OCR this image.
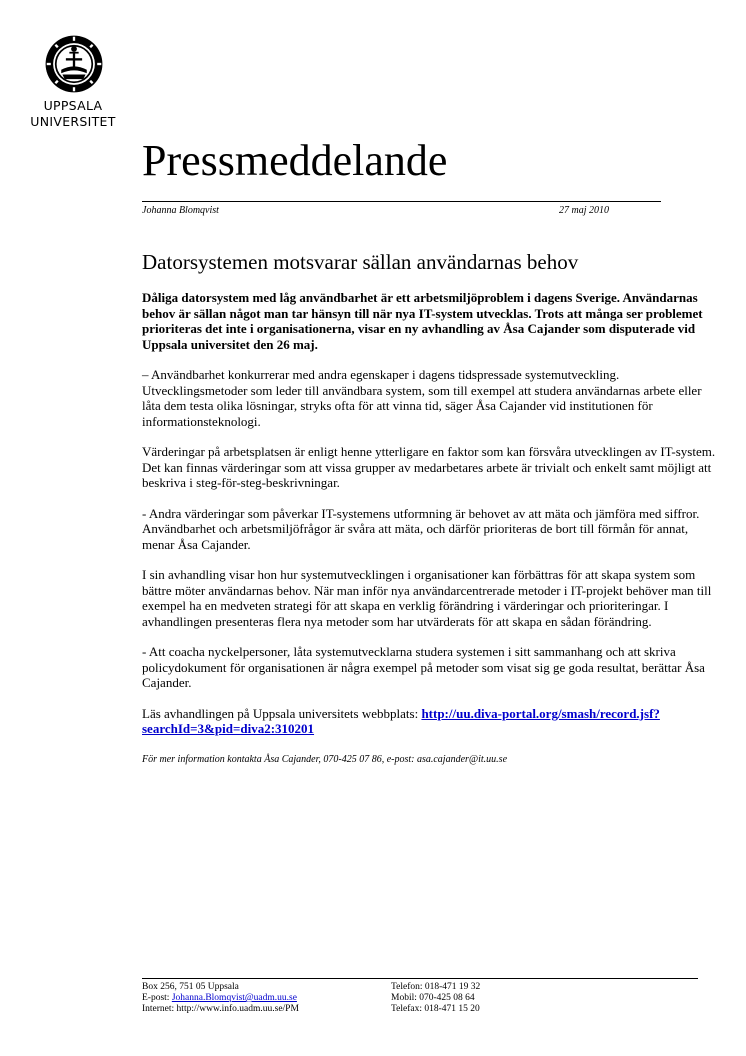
UPPSALA
UNIVERSITET
Pressmeddelande
Johanna Blomqvist	27 maj 2010
Datorsystemen motsvarar sällan användarnas behov

Dåliga datorsystem med låg användbarhet är ett arbetsmiljöproblem i dagens Sverige. Användarnas behov är sällan något man tar hänsyn till när nya IT-system utvecklas. Trots att många ser problemet prioriteras det inte i organisationerna, visar en ny avhandling av Åsa Cajander som disputerade vid Uppsala universitet den 26 maj.

– Användbarhet konkurrerar med andra egenskaper i dagens tidspressade systemutveckling. Utvecklingsmetoder som leder till användbara system, som till exempel att studera användarnas arbete eller låta dem testa olika lösningar, stryks ofta för att vinna tid, säger Åsa Cajander vid institutionen för informationsteknologi.

Värderingar på arbetsplatsen är enligt henne ytterligare en faktor som kan försvåra utvecklingen av IT-system. Det kan finnas värderingar som att vissa grupper av medarbetares arbete är trivialt och enkelt samt möjligt att beskriva i steg-för-steg-beskrivningar.

- Andra värderingar som påverkar IT-systemens utformning är behovet av att mäta och jämföra med siffror. Användbarhet och arbetsmiljöfrågor är svåra att mäta, och därför prioriteras de bort till förmån för annat, menar Åsa Cajander.

I sin avhandling visar hon hur systemutvecklingen i organisationer kan förbättras för att skapa system som bättre möter användarnas behov. När man inför nya användarcentrerade metoder i IT-projekt behöver man till exempel ha en medveten strategi för att skapa en verklig förändring i värderingar och prioriteringar. I avhandlingen presenteras flera nya metoder som har utvärderats för att skapa en sådan förändring.

- Att coacha nyckelpersoner, låta systemutvecklarna studera systemen i sitt sammanhang och att skriva policydokument för organisationen är några exempel på metoder som visat sig ge goda resultat, berättar Åsa Cajander.

Läs avhandlingen på Uppsala universitets webbplats: http://uu.diva-portal.org/smash/record.jsf?searchId=3&pid=diva2:310201

För mer information kontakta Åsa Cajander, 070-425 07 86, e-post: asa.cajander@it.uu.se

Box 256, 751 05 Uppsala
E-post: Johanna.Blomqvist@uadm.uu.se
Internet: http://www.info.uadm.uu.se/PM
Telefon: 018-471 19 32
Mobil: 070-425 08 64
Telefax: 018-471 15 20
